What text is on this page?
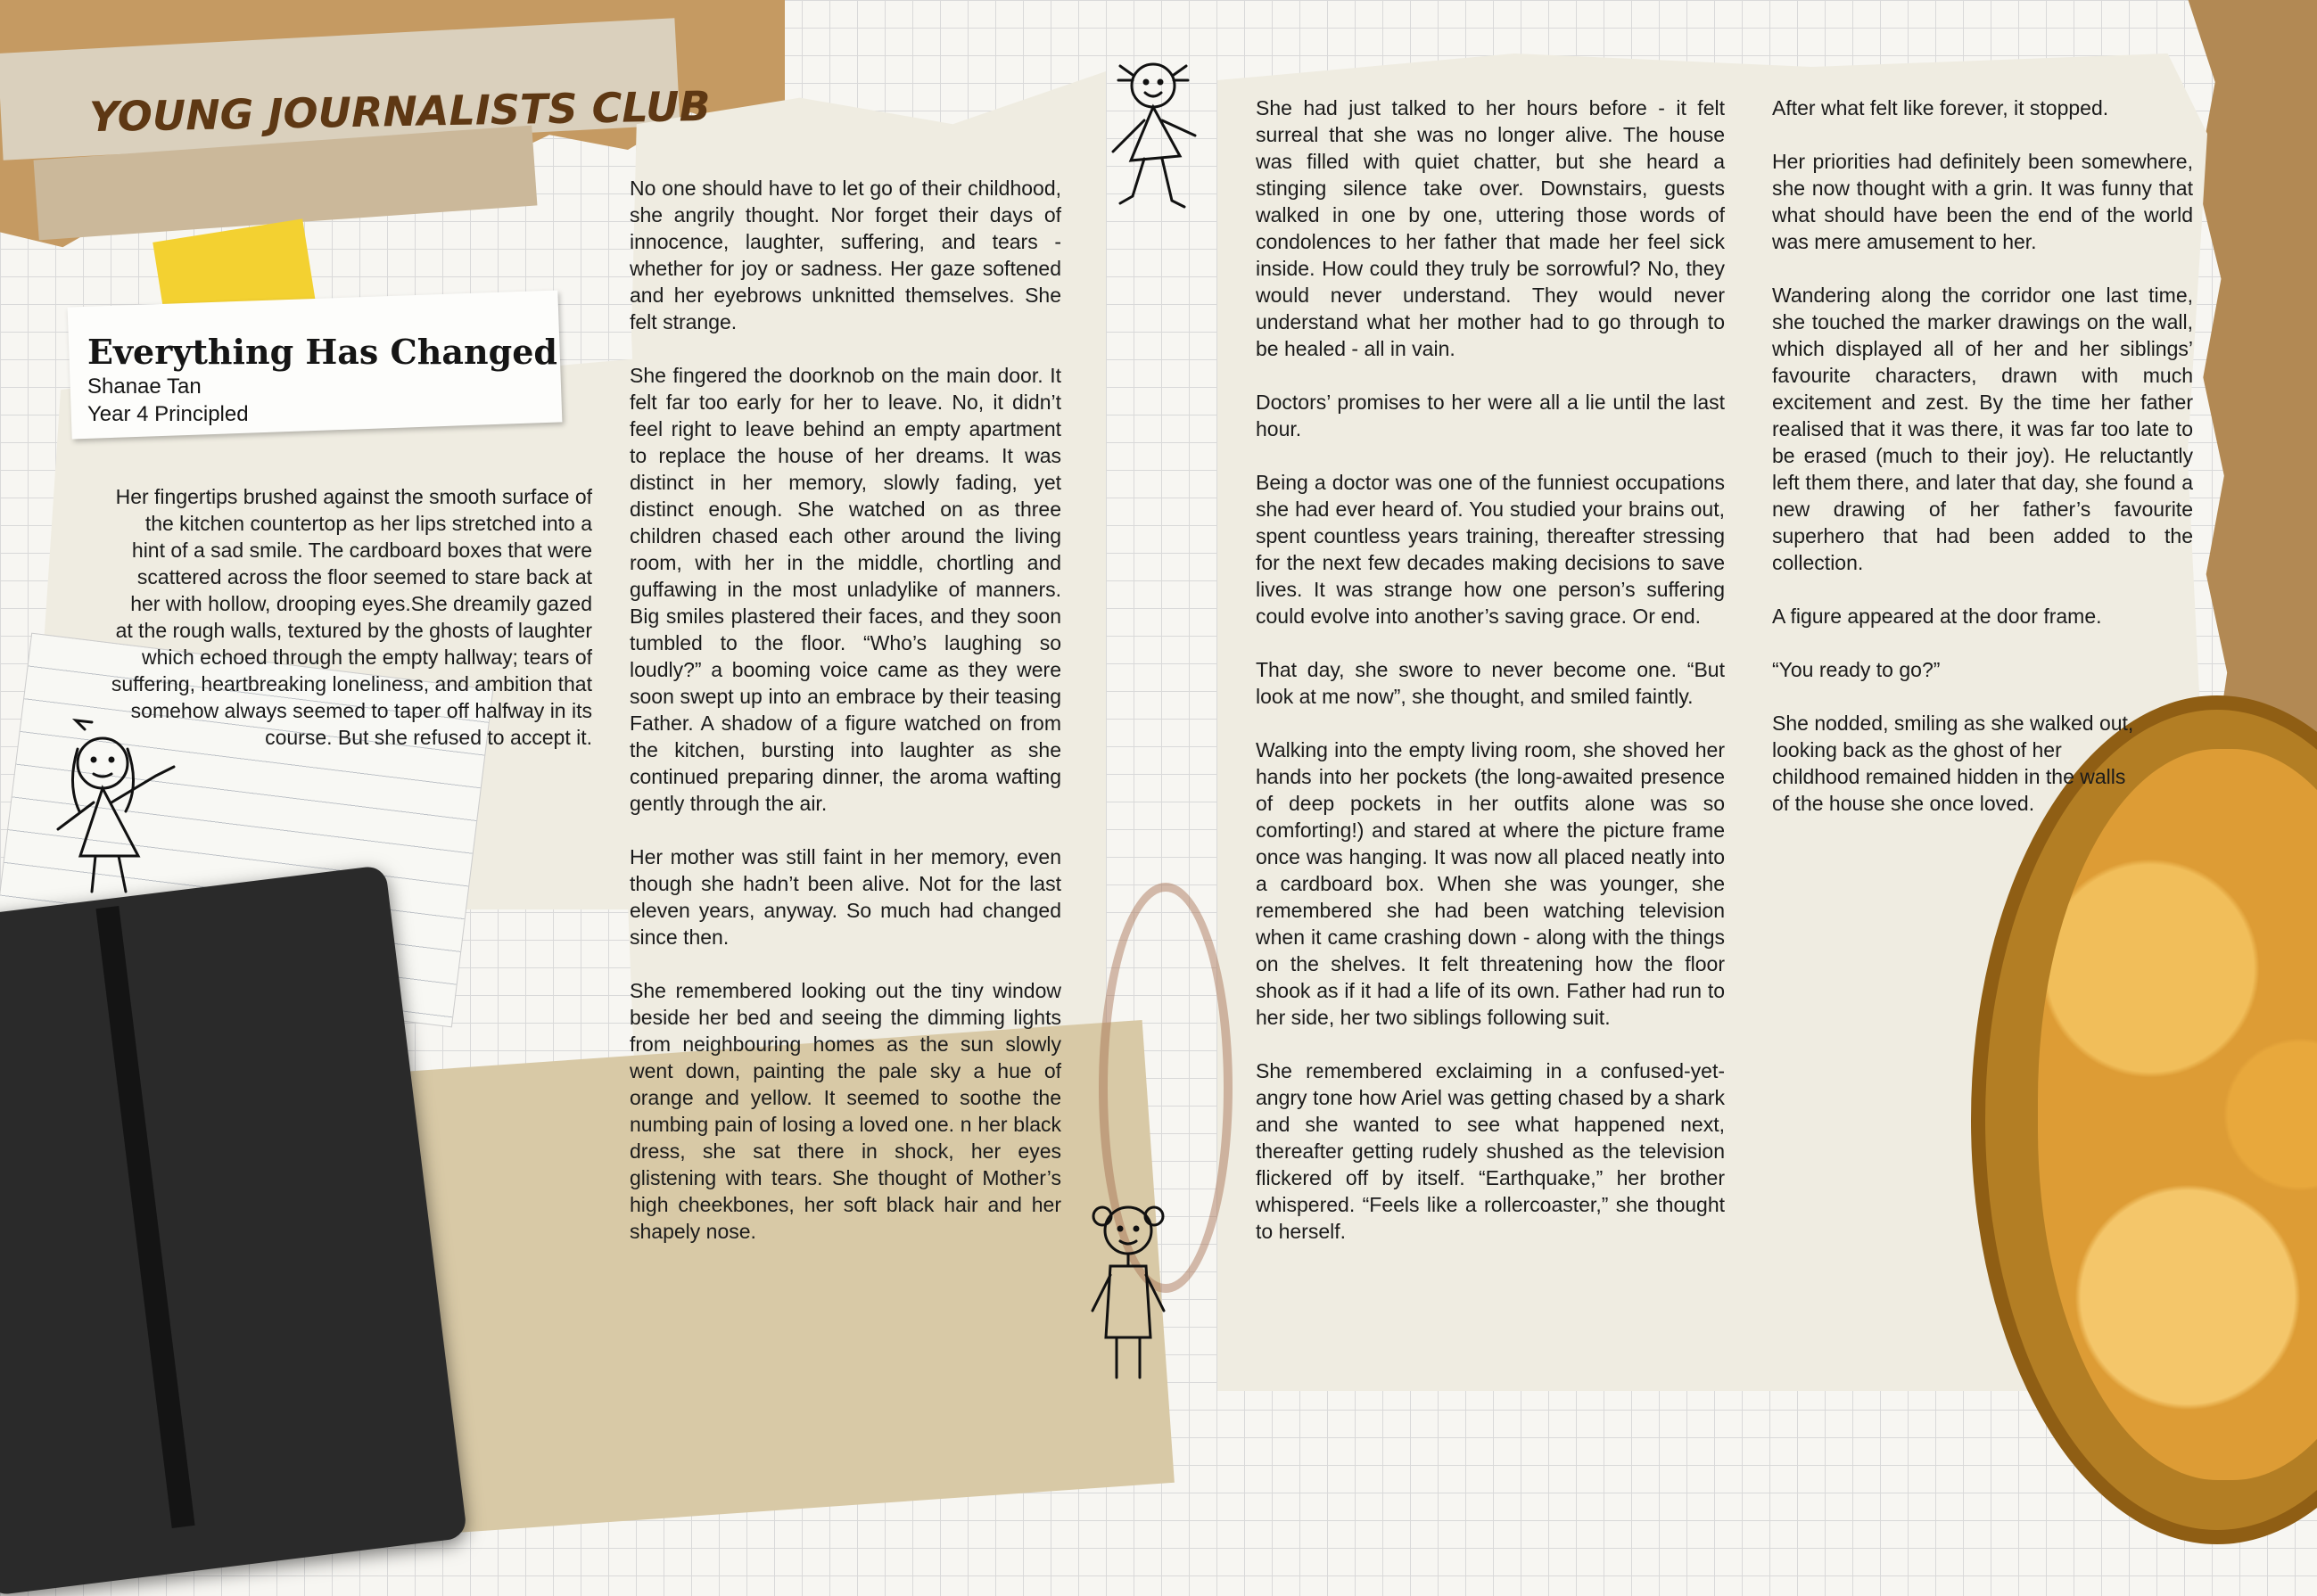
YOUNG JOURNALISTS CLUB
Everything Has Changed

Shanae Tan

Year 4 Principled

Her fingertips brushed against the smooth surface of the kitchen countertop as her lips stretched into a hint of a sad smile. The cardboard boxes that were scattered across the floor seemed to stare back at her with hollow, drooping eyes.She dreamily gazed at the rough walls, textured by the ghosts of laughter which echoed through the empty hallway; tears of suffering, heartbreaking loneliness, and ambition that somehow always seemed to taper off halfway in its course. But she refused to accept it.

No one should have to let go of their childhood, she angrily thought. Nor forget their days of innocence, laughter, suffering, and tears - whether for joy or sadness. Her gaze softened and her eyebrows unknitted themselves. She felt strange.

She fingered the doorknob on the main door. It felt far too early for her to leave. No, it didn’t feel right to leave behind an empty apartment to replace the house of her dreams. It was distinct in her memory, slowly fading, yet distinct enough. She watched on as three children chased each other around the living room, with her in the middle, chortling and guffawing in the most unladylike of manners. Big smiles plastered their faces, and they soon tumbled to the floor. “Who’s laughing so loudly?” a booming voice came as they were soon swept up into an embrace by their teasing Father. A shadow of a figure watched on from the kitchen, bursting into laughter as she continued preparing dinner, the aroma wafting gently through the air.

Her mother was still faint in her memory, even though she hadn’t been alive. Not for the last eleven years, anyway. So much had changed since then.

She remembered looking out the tiny window beside her bed and seeing the dimming lights from neighbouring homes as the sun slowly went down, painting the pale sky a hue of orange and yellow. It seemed to soothe the numbing pain of losing a loved one. n her black dress, she sat there in shock, her eyes glistening with tears. She thought of Mother’s high cheekbones, her soft black hair and her shapely nose.

She had just talked to her hours before - it felt surreal that she was no longer alive. The house was filled with quiet chatter, but she heard a stinging silence take over. Downstairs, guests walked in one by one, uttering those words of condolences to her father that made her feel sick inside. How could they truly be sorrowful? No, they would never understand. They would never understand what her mother had to go through to be healed - all in vain.

Doctors’ promises to her were all a lie until the last hour.

Being a doctor was one of the funniest occupations she had ever heard of. You studied your brains out, spent countless years training, thereafter stressing for the next few decades making decisions to save lives. It was strange how one person’s suffering could evolve into another’s saving grace. Or end.

That day, she swore to never become one. “But look at me now”, she thought, and smiled faintly.

Walking into the empty living room, she shoved her hands into her pockets (the long-awaited presence of deep pockets in her outfits alone was so comforting!) and stared at where the picture frame once was hanging. It was now all placed neatly into a cardboard box. When she was younger, she remembered she had been watching television when it came crashing down - along with the things on the shelves. It felt threatening how the floor shook as if it had a life of its own. Father had run to her side, her two siblings following suit.

She remembered exclaiming in a confused-yet-angry tone how Ariel was getting chased by a shark and she wanted to see what happened next, thereafter getting rudely shushed as the television flickered off by itself. “Earthquake,” her brother whispered. “Feels like a rollercoaster,” she thought to herself.

After what felt like forever, it stopped.

Her priorities had definitely been somewhere, she now thought with a grin. It was funny that what should have been the end of the world was mere amusement to her.

Wandering along the corridor one last time, she touched the marker drawings on the wall, which displayed all of her and her siblings’ favourite characters, drawn with much excitement and zest. By the time her father realised that it was there, it was far too late to be erased (much to their joy). He reluctantly left them there, and later that day, she found a new drawing of her father’s favourite superhero that had been added to the collection.

A figure appeared at the door frame.

“You ready to go?”

She nodded, smiling as she walked out, looking back as the ghost of her childhood remained hidden in the walls of the house she once loved.
